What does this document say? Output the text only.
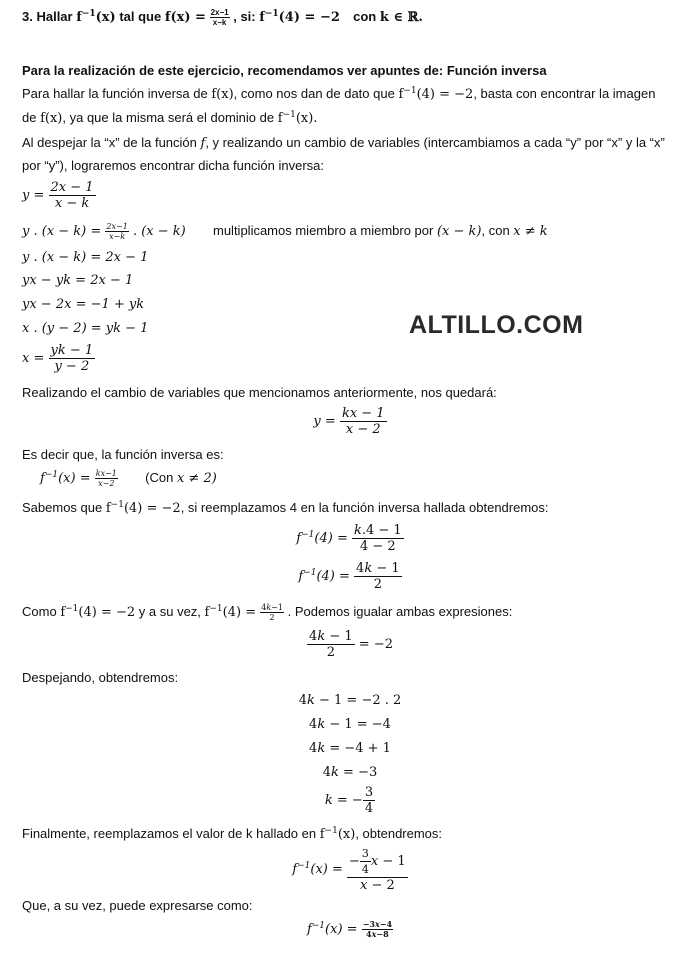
3. Hallar $f^{-1}(x)$ tal que $f(x) = \frac{2x-1}{x-k}$ , si: $f^{-1}(4) = -2$ con k ∈ ℝ.
Para la realización de este ejercicio, recomendamos ver apuntes de: Función inversa
Para hallar la función inversa de f(x), como nos dan de dato que $f^{-1}(4) = -2$, basta con encontrar la imagen
de f(x), ya que la misma será el dominio de $f^{-1}(x)$.
Al despejar la “x” de la función f, y realizando un cambio de variables (intercambiamos a cada “y” por “x” y la “x”
por “y”), lograremos encontrar dicha función inversa:
$y = \frac{2x - 1}{x - k}$
y . $(x - k) = \frac{2x-1}{x-k}$ . (x − k) multiplicamos miembro a miembro por (x − k), con x ≠ k
y . (x − k) = 2x − 1
yx − yk = 2x − 1
yx − 2x = −1 + yk
x . (y − 2) = yk − 1
$x = \frac{yk - 1}{y - 2}$
ALTILLO.COM
Realizando el cambio de variables que mencionamos anteriormente, nos quedará:
$y = \frac{kx - 1}{x - 2}$
Es decir que, la función inversa es:
$f^{-1}(x) = \frac{kx-1}{x-2} (Con$ x ≠ 2)
Sabemos que $f^{-1}(4) = -2$, si reemplazamos 4 en la función inversa hallada obtendremos:
$f^{-1}(4) = \frac{k.4 - 1}{4 - 2}$
$f^{-1}(4) = \frac{4k - 1}{2}$
Como $f^{-1}(4) = -2$ y a su vez, $f^{-1}(4) = \frac{4k-1}{2}$ . Podemos igualar ambas expresiones:
$\frac{4k - 1}{2} = -2$
Despejando, obtendremos:
4k − 1 = −2 . 2
4k − 1 = −4
4k = −4 + 1
4k = −3
k = − $\frac{3}{4}$
Finalmente, reemplazamos el valor de k hallado en $f^{-1}(x)$, obtendremos:
$f^{-1}(x) = \frac{- \frac{3}{4} x - 1}{x - 2}$
Que, a su vez, puede expresarse como:
$f^{-1}(x) = \frac{-3x-4}{4x-8}$
